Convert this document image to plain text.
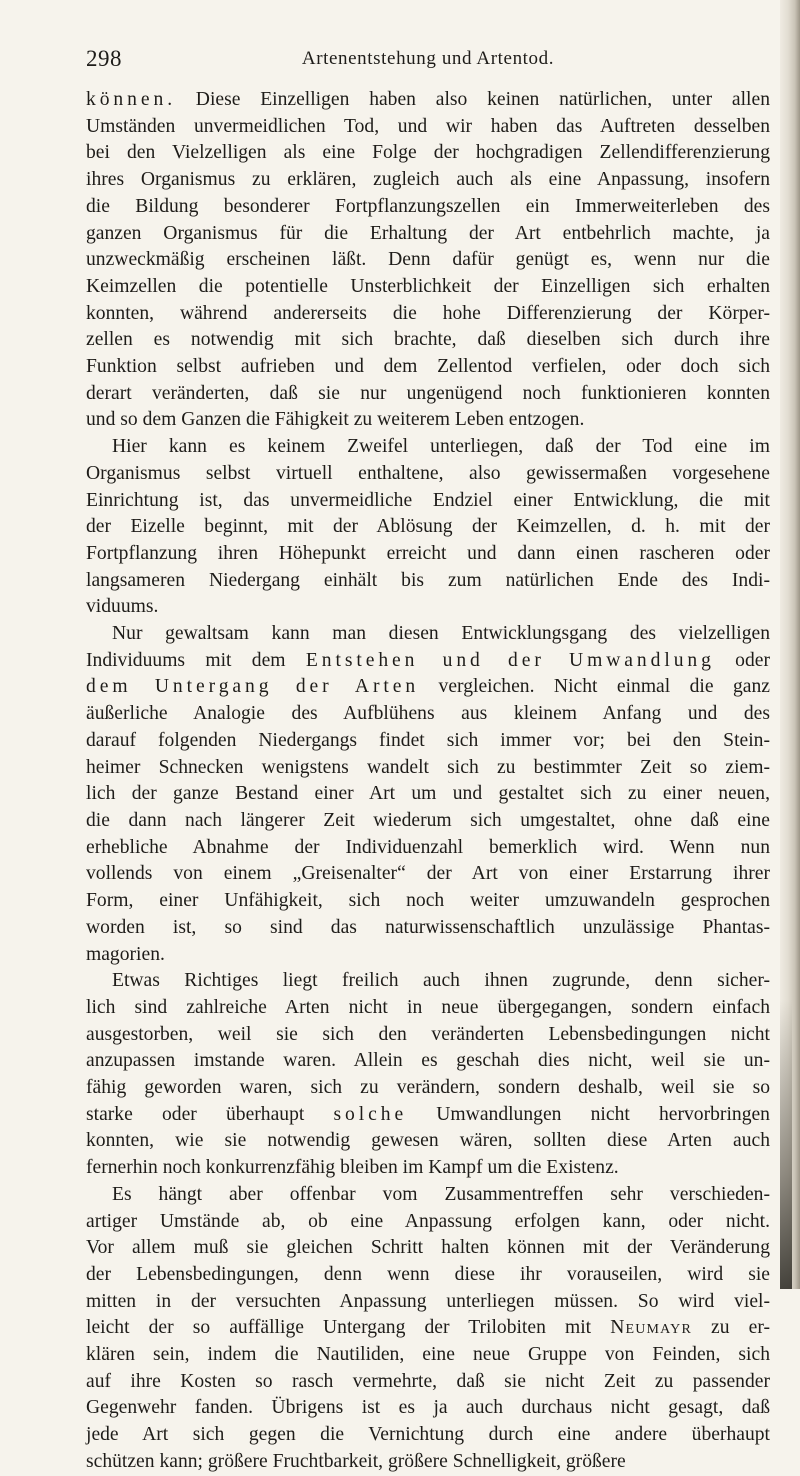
298	Artenentstehung und Artentod.

können. Diese Einzelligen haben also keinen natürlichen, unter allen

Umständen unvermeidlichen Tod, und wir haben das Auftreten desselben

bei den Vielzelligen als eine Folge der hochgradigen Zellendifferenzierung

ihres Organismus zu erklären, zugleich auch als eine Anpassung, insofern

die Bildung besonderer Fortpflanzungszellen ein Immerweiterleben des

ganzen Organismus für die Erhaltung der Art entbehrlich machte, ja

unzweckmäßig erscheinen läßt. Denn dafür genügt es, wenn nur die

Keimzellen die potentielle Unsterblichkeit der Einzelligen sich erhalten

konnten, während andererseits die hohe Differenzierung der Körper-

zellen es notwendig mit sich brachte, daß dieselben sich durch ihre

Funktion selbst aufrieben und dem Zellentod verfielen, oder doch sich

derart veränderten, daß sie nur ungenügend noch funktionieren konnten

und so dem Ganzen die Fähigkeit zu weiterem Leben entzogen.

Hier kann es keinem Zweifel unterliegen, daß der Tod eine im

Organismus selbst virtuell enthaltene, also gewissermaßen vorgesehene

Einrichtung ist, das unvermeidliche Endziel einer Entwicklung, die mit

der Eizelle beginnt, mit der Ablösung der Keimzellen, d. h. mit der

Fortpflanzung ihren Höhepunkt erreicht und dann einen rascheren oder

langsameren Niedergang einhält bis zum natürlichen Ende des Indi-

viduums.

Nur gewaltsam kann man diesen Entwicklungsgang des vielzelligen

Individuums mit dem Entstehen und der Umwandlung oder

dem Untergang der Arten vergleichen. Nicht einmal die ganz

äußerliche Analogie des Aufblühens aus kleinem Anfang und des

darauf folgenden Niedergangs findet sich immer vor; bei den Stein-

heimer Schnecken wenigstens wandelt sich zu bestimmter Zeit so ziem-

lich der ganze Bestand einer Art um und gestaltet sich zu einer neuen,

die dann nach längerer Zeit wiederum sich umgestaltet, ohne daß eine

erhebliche Abnahme der Individuenzahl bemerklich wird. Wenn nun

vollends von einem „Greisenalter“ der Art von einer Erstarrung ihrer

Form, einer Unfähigkeit, sich noch weiter umzuwandeln gesprochen

worden ist, so sind das naturwissenschaftlich unzulässige Phantas-

magorien.

Etwas Richtiges liegt freilich auch ihnen zugrunde, denn sicher-

lich sind zahlreiche Arten nicht in neue übergegangen, sondern einfach

ausgestorben, weil sie sich den veränderten Lebensbedingungen nicht

anzupassen imstande waren. Allein es geschah dies nicht, weil sie un-

fähig geworden waren, sich zu verändern, sondern deshalb, weil sie so

starke oder überhaupt solche Umwandlungen nicht hervorbringen

konnten, wie sie notwendig gewesen wären, sollten diese Arten auch

fernerhin noch konkurrenzfähig bleiben im Kampf um die Existenz.

Es hängt aber offenbar vom Zusammentreffen sehr verschieden-

artiger Umstände ab, ob eine Anpassung erfolgen kann, oder nicht.

Vor allem muß sie gleichen Schritt halten können mit der Veränderung

der Lebensbedingungen, denn wenn diese ihr vorauseilen, wird sie

mitten in der versuchten Anpassung unterliegen müssen. So wird viel-

leicht der so auffällige Untergang der Trilobiten mit Neumayr zu er-

klären sein, indem die Nautiliden, eine neue Gruppe von Feinden, sich

auf ihre Kosten so rasch vermehrte, daß sie nicht Zeit zu passender

Gegenwehr fanden. Übrigens ist es ja auch durchaus nicht gesagt, daß

jede Art sich gegen die Vernichtung durch eine andere überhaupt

schützen kann; größere Fruchtbarkeit, größere Schnelligkeit, größere
